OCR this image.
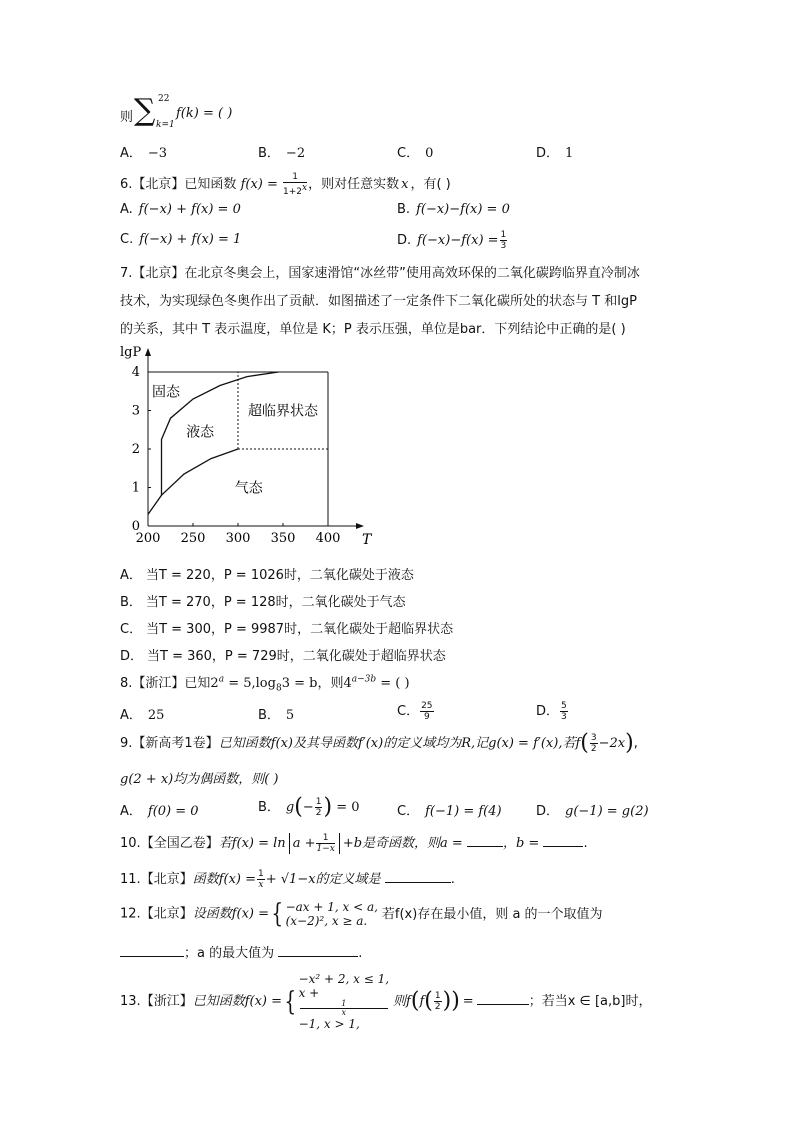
则 ∑ 22
k=1
f(k) = ( )
A． −3	B． −2	C． 0	D． 1
6.【北京】已知函数 $f(x) = \frac{1}{1+2^x}$ ，则对任意实数 x ，有( )
A. f(−x) + f(x) = 0	B. f(−x)−f(x) = 0
C. f(−x) + f(x) = 1	D. $f(-x)-f(x) = \frac{1}{3}$
7.【北京】在北京冬奥会上，国家速滑馆“冰丝带”使用高效环保的二氧化碳跨临界直冷制冰
技术，为实现绿色冬奥作出了贡献．如图描述了一定条件下二氧化碳所处的状态与 T 和lgP
的关系，其中 T 表示温度，单位是 K；P 表示压强，单位是bar．下列结论中正确的是( )
200 250 300 350 400
0
1
2
3
4
T
lgP
固态
液态
超临界状态
气态
A． 当T = 220，P = 1026时，二氧化碳处于液态
B． 当T = 270，P = 128时，二氧化碳处于气态
C． 当T = 300，P = 9987时，二氧化碳处于超临界状态
D． 当T = 360，P = 729时，二氧化碳处于超临界状态
8.【浙江】已知$2^a = 5,\log_83 = b$，则$4^{a-3b}$ = ( )
A． 25	B． 5	C． $\frac{25}{9}$	D． $\frac{5}{3}$
9.【新高考1卷】已知函数f(x)及其导函数f′(x)的定义域均为R,记g(x) = f′(x),若$f( \frac{3}{2} -2x)$,
g(2 + x)均为偶函数，则( )
A． f(0) = 0	B． $g(- \frac{1}{2}$ ) = 0	C． f(−1) = f(4)	D． g(−1) = g(2)
10.【全国乙卷】若$f(x) = \ln a + \frac{1}{1-x} +b$是奇函数，则a =	，b =	.
11.【北京】函数$f(x) = \frac{1}{x} + √1-x$的定义域是	.
12.【北京】设函数f(x) ={ −ax + 1, x < a,
(x−2)², x ≥ a.	若f(x)存在最小值，则 a 的一个取值为
；a 的最大值为	.
13.【浙江】已知函数f(x) ={
−x² + 2, x ≤ 1,
x +
1
x
−1, x > 1,
则$f(f( \frac{1}{2}$ )) =	；若当x ∈ [a,b]时，
